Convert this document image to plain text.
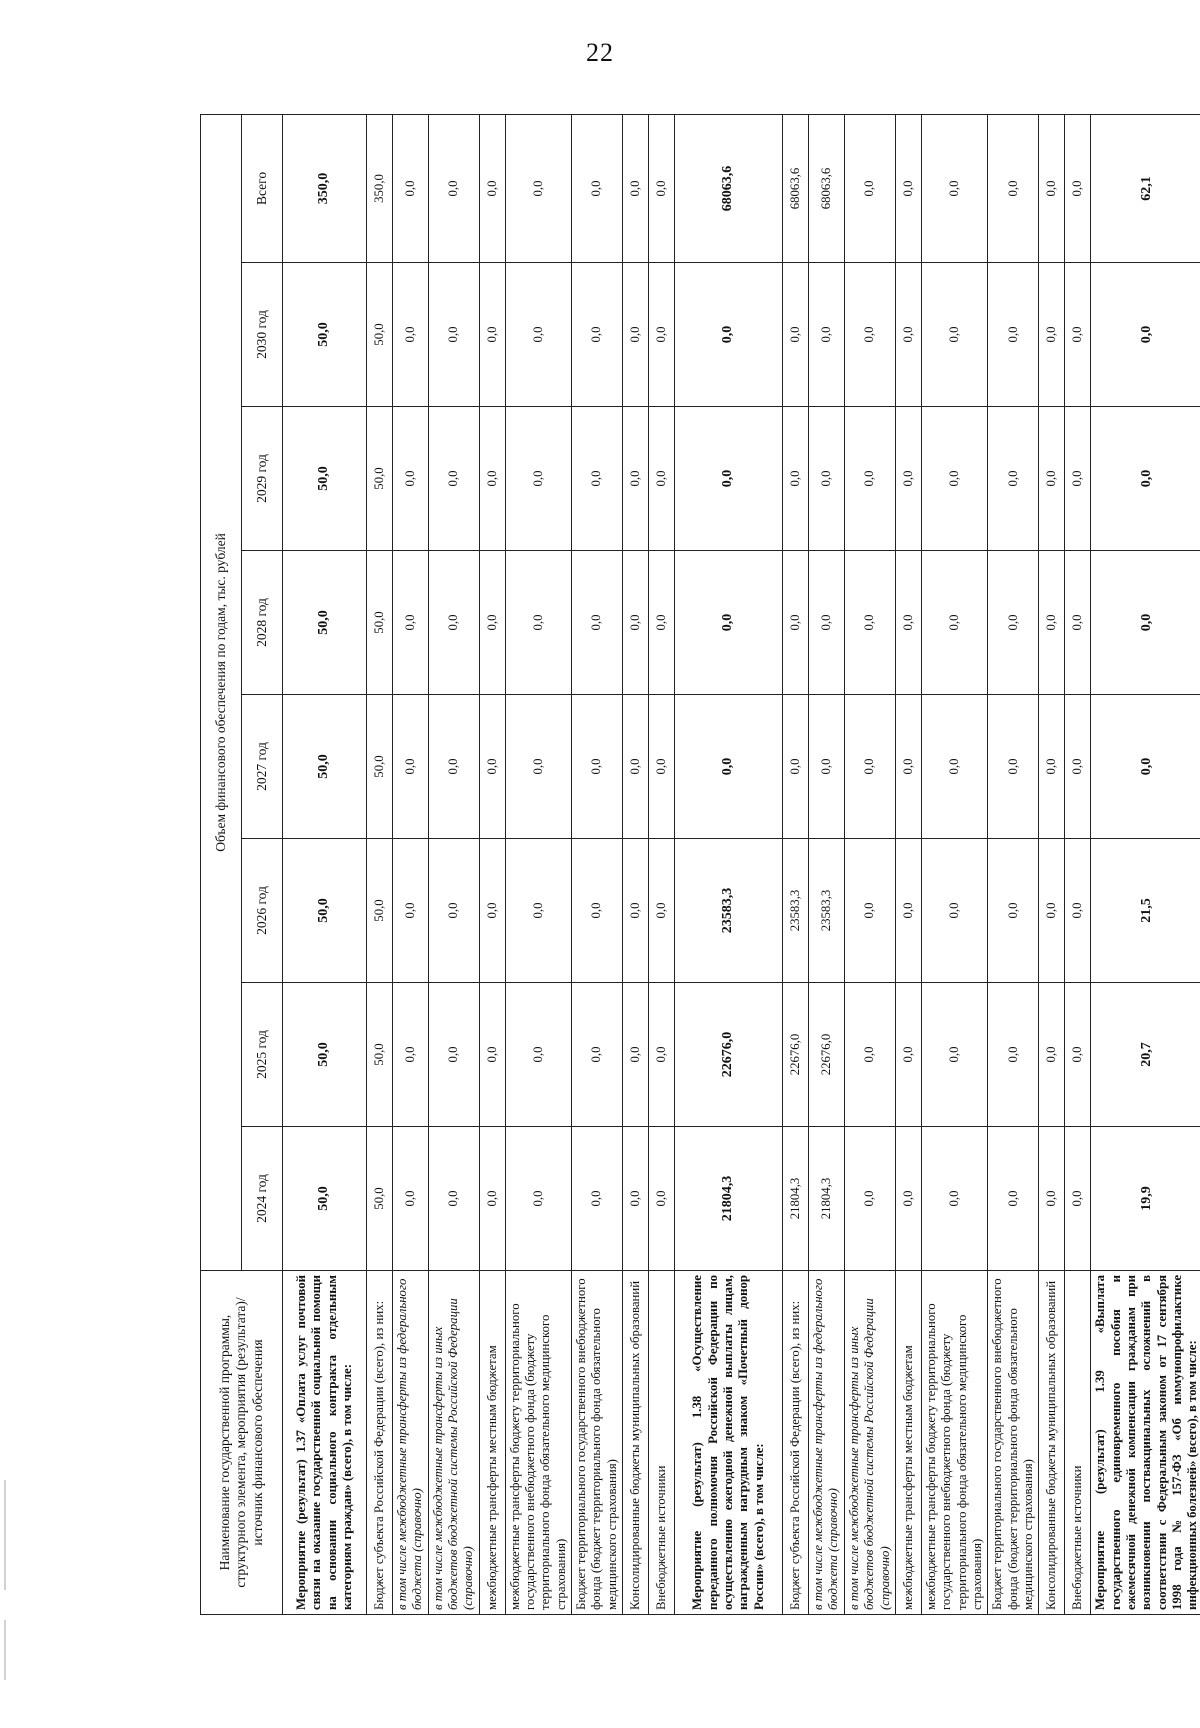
22
Наименование государственной программы, структурного элемента, мероприятия (результата)/источник финансового обеспечения	Объем финансового обеспечения по годам, тыс. рублей							
	2024 год	2025 год	2026 год	2027 год	2028 год	2029 год	2030 год	Всего
Мероприятие (результат) 1.37 «Оплата услуг почтовой связи на оказание государственной социальной помощи на основании социального контракта отдельным категориям граждан» (всего), в том числе:	50,0	50,0	50,0	50,0	50,0	50,0	50,0	350,0
Бюджет субъекта Российской Федерации (всего), из них:	50,0	50,0	50,0	50,0	50,0	50,0	50,0	350,0
в том числе межбюджетные трансферты из федерального бюджета (справочно)	0,0	0,0	0,0	0,0	0,0	0,0	0,0	0,0
в том числе межбюджетные трансферты из иных бюджетов бюджетной системы Российской Федерации (справочно)	0,0	0,0	0,0	0,0	0,0	0,0	0,0	0,0
межбюджетные трансферты местным бюджетам	0,0	0,0	0,0	0,0	0,0	0,0	0,0	0,0
межбюджетные трансферты бюджету территориального государственного внебюджетного фонда (бюджету территориального фонда обязательного медицинского страхования)	0,0	0,0	0,0	0,0	0,0	0,0	0,0	0,0
Бюджет территориального государственного внебюджетного фонда (бюджет территориального фонда обязательного медицинского страхования)	0,0	0,0	0,0	0,0	0,0	0,0	0,0	0,0
Консолидированные бюджеты муниципальных образований	0,0	0,0	0,0	0,0	0,0	0,0	0,0	0,0
Внебюджетные источники	0,0	0,0	0,0	0,0	0,0	0,0	0,0	0,0
Мероприятие (результат) 1.38 «Осуществление переданного полномочия Российской Федерации по осуществлению ежегодной денежной выплаты лицам, награжденным нагрудным знаком «Почетный донор России» (всего), в том числе:	21804,3	22676,0	23583,3	0,0	0,0	0,0	0,0	68063,6
Бюджет субъекта Российской Федерации (всего), из них:	21804,3	22676,0	23583,3	0,0	0,0	0,0	0,0	68063,6
в том числе межбюджетные трансферты из федерального бюджета (справочно)	21804,3	22676,0	23583,3	0,0	0,0	0,0	0,0	68063,6
в том числе межбюджетные трансферты из иных бюджетов бюджетной системы Российской Федерации (справочно)	0,0	0,0	0,0	0,0	0,0	0,0	0,0	0,0
межбюджетные трансферты местным бюджетам	0,0	0,0	0,0	0,0	0,0	0,0	0,0	0,0
межбюджетные трансферты бюджету территориального государственного внебюджетного фонда (бюджету территориального фонда обязательного медицинского страхования)	0,0	0,0	0,0	0,0	0,0	0,0	0,0	0,0
Бюджет территориального государственного внебюджетного фонда (бюджет территориального фонда обязательного медицинского страхования)	0,0	0,0	0,0	0,0	0,0	0,0	0,0	0,0
Консолидированные бюджеты муниципальных образований	0,0	0,0	0,0	0,0	0,0	0,0	0,0	0,0
Внебюджетные источники	0,0	0,0	0,0	0,0	0,0	0,0	0,0	0,0
Мероприятие (результат) 1.39 «Выплата государственного единовременного пособия и ежемесячной денежной компенсации гражданам при возникновении поствакцинальных осложнений в соответствии с Федеральным законом от 17 сентября 1998 года № 157-ФЗ «Об иммунопрофилактике инфекционных болезней» (всего), в том числе:	19,9	20,7	21,5	0,0	0,0	0,0	0,0	62,1
